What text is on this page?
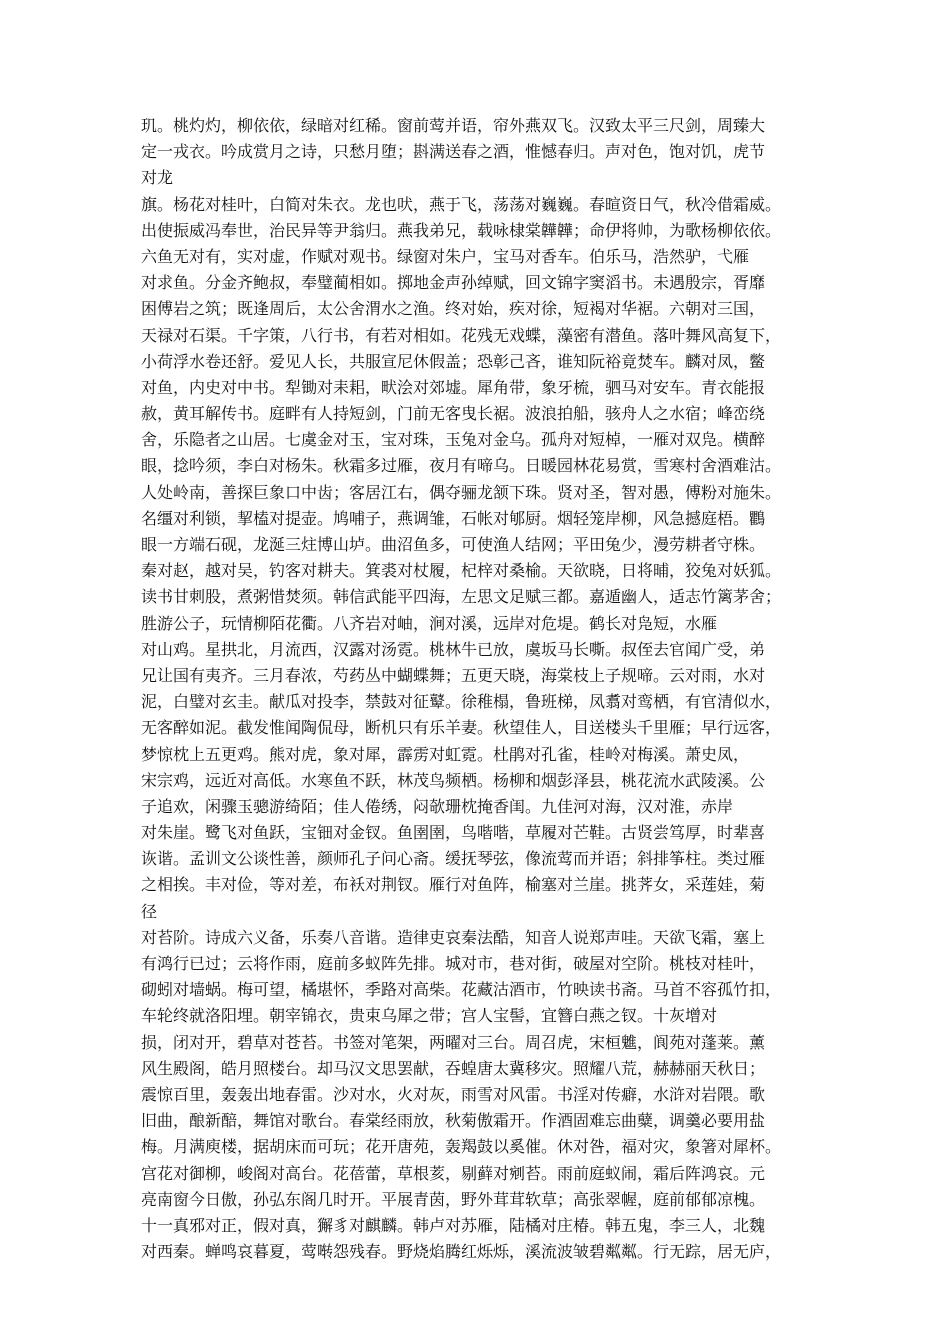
玑。桃灼灼，柳依依，绿暗对红稀。窗前莺并语，帘外燕双飞。汉致太平三尺剑，周臻大
定一戎衣。吟成赏月之诗，只愁月堕；斟满送春之酒，惟憾春归。声对色，饱对饥，虎节
对龙
旗。杨花对桂叶，白简对朱衣。龙也吠，燕于飞，荡荡对巍巍。春暄资日气，秋冷借霜威。
出使振威冯奉世，治民异等尹翁归。燕我弟兄，载咏棣棠韡韡；命伊将帅，为歌杨柳依依。
六鱼无对有，实对虚，作赋对观书。绿窗对朱户，宝马对香车。伯乐马，浩然驴，弋雁
对求鱼。分金齐鲍叔，奉璧蔺相如。掷地金声孙绰赋，回文锦字窦滔书。未遇殷宗，胥靡
困傅岩之筑；既逢周后，太公舍渭水之渔。终对始，疾对徐，短褐对华裾。六朝对三国，
天禄对石渠。千字策，八行书，有若对相如。花残无戏蝶，藻密有潜鱼。落叶舞风高复下，
小荷浮水卷还舒。爱见人长，共服宣尼休假盖；恐彰己吝，谁知阮裕竟焚车。麟对凤，鳖
对鱼，内史对中书。犁锄对耒耜，畎浍对郊墟。犀角带，象牙梳，驷马对安车。青衣能报
赦，黄耳解传书。庭畔有人持短剑，门前无客曳长裾。波浪拍船，骇舟人之水宿；峰峦绕
舍，乐隐者之山居。七虞金对玉，宝对珠，玉兔对金乌。孤舟对短棹，一雁对双凫。横醉
眼，捻吟须，李白对杨朱。秋霜多过雁，夜月有啼乌。日暖园林花易赏，雪寒村舍酒难沽。
人处岭南，善探巨象口中齿；客居江右，偶夺骊龙颔下珠。贤对圣，智对愚，傅粉对施朱。
名缰对利锁，挈榼对提壶。鸠哺子，燕调雏，石帐对郇厨。烟轻笼岸柳，风急撼庭梧。鸜
眼一方端石砚，龙涎三炷博山垆。曲沼鱼多，可使渔人结网；平田兔少，漫劳耕者守株。
秦对赵，越对吴，钓客对耕夫。箕裘对杖履，杞梓对桑榆。天欲晓，日将晡，狡兔对妖狐。
读书甘刺股，煮粥惜焚须。韩信武能平四海，左思文足赋三都。嘉遁幽人，适志竹篱茅舍；
胜游公子，玩情柳陌花衢。八齐岩对岫，涧对溪，远岸对危堤。鹤长对凫短，水雁
对山鸡。星拱北，月流西，汉露对汤霓。桃林牛已放，虞坂马长嘶。叔侄去官闻广受，弟
兄让国有夷齐。三月春浓，芍药丛中蝴蝶舞；五更天晓，海棠枝上子规啼。云对雨，水对
泥，白璧对玄圭。献瓜对投李，禁鼓对征鼙。徐稚榻，鲁班梯，凤翥对鸾栖，有官清似水，
无客醉如泥。截发惟闻陶侃母，断机只有乐羊妻。秋望佳人，目送楼头千里雁；早行远客，
梦惊枕上五更鸡。熊对虎，象对犀，霹雳对虹霓。杜鹃对孔雀，桂岭对梅溪。萧史凤，
宋宗鸡，远近对高低。水寒鱼不跃，林茂鸟频栖。杨柳和烟彭泽县，桃花流水武陵溪。公
子追欢，闲骤玉骢游绮陌；佳人倦绣，闷欹珊枕掩香闺。九佳河对海，汉对淮，赤岸
对朱崖。鹭飞对鱼跃，宝钿对金钗。鱼圉圉，鸟喈喈，草履对芒鞋。古贤尝笃厚，时辈喜
诙谐。孟训文公谈性善，颜师孔子问心斋。缓抚琴弦，像流莺而并语；斜排筝柱。类过雁
之相挨。丰对俭，等对差，布袄对荆钗。雁行对鱼阵，榆塞对兰崖。挑荠女，采莲娃，菊
径
对苔阶。诗成六义备，乐奏八音谐。造律吏哀秦法酷，知音人说郑声哇。天欲飞霜，塞上
有鸿行已过；云将作雨，庭前多蚁阵先排。城对市，巷对街，破屋对空阶。桃枝对桂叶，
砌蚓对墙蜗。梅可望，橘堪怀，季路对高柴。花藏沽酒市，竹映读书斋。马首不容孤竹扣，
车轮终就洛阳埋。朝宰锦衣，贵束乌犀之带；宫人宝髻，宜簪白燕之钗。十灰增对
损，闭对开，碧草对苍苔。书签对笔架，两曜对三台。周召虎，宋桓魋，阆苑对蓬莱。薰
风生殿阁，皓月照楼台。却马汉文思罢献，吞蝗唐太冀移灾。照耀八荒，赫赫丽天秋日；
震惊百里，轰轰出地春雷。沙对水，火对灰，雨雪对风雷。书淫对传癖，水浒对岩隈。歌
旧曲，酿新醅，舞馆对歌台。春棠经雨放，秋菊傲霜开。作酒固难忘曲糵，调羹必要用盐
梅。月满庾楼，据胡床而可玩；花开唐苑，轰羯鼓以奚催。休对咎，福对灾，象箸对犀杯。
宫花对御柳，峻阁对高台。花蓓蕾，草根荄，剔藓对剜苔。雨前庭蚁闹，霜后阵鸿哀。元
亮南窗今日傲，孙弘东阁几时开。平展青茵，野外茸茸软草；高张翠幄，庭前郁郁凉槐。
十一真邪对正，假对真，獬豸对麒麟。韩卢对苏雁，陆橘对庄椿。韩五鬼，李三人，北魏
对西秦。蝉鸣哀暮夏，莺啭怨残春。野烧焰腾红烁烁，溪流波皱碧粼粼。行无踪，居无庐，
